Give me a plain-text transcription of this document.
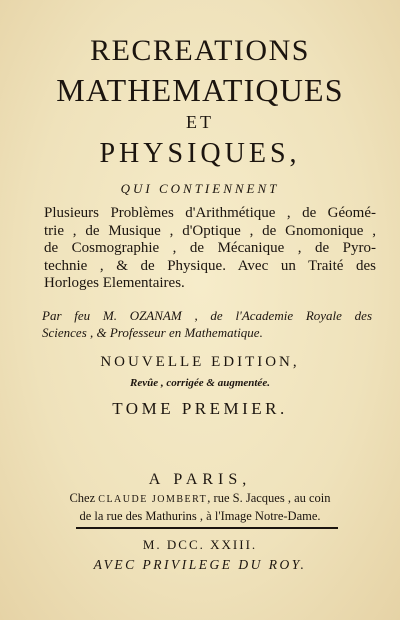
RECREATIONS
MATHEMATIQUES
ET
PHYSIQUES,
QUI CONTIENNENT
Plusieurs Problèmes d'Arithmétique , de Géomé-
trie , de Musique , d'Optique , de Gnomonique ,
de Cosmographie , de Mécanique , de Pyro-
technie , & de Physique. Avec un Traité des
Horloges Elementaires.
Par feu M. OZANAM , de l'Academie Royale des
Sciences , & Professeur en Mathematique.
NOUVELLE EDITION,
Revûe , corrigée & augmentée.
TOME PREMIER.
A PARIS,
Chez CLAUDE JOMBERT, rue S. Jacques , au coin
de la rue des Mathurins , à l'Image Notre-Dame.
M. DCC. XXIII.
AVEC PRIVILEGE DU ROY.
